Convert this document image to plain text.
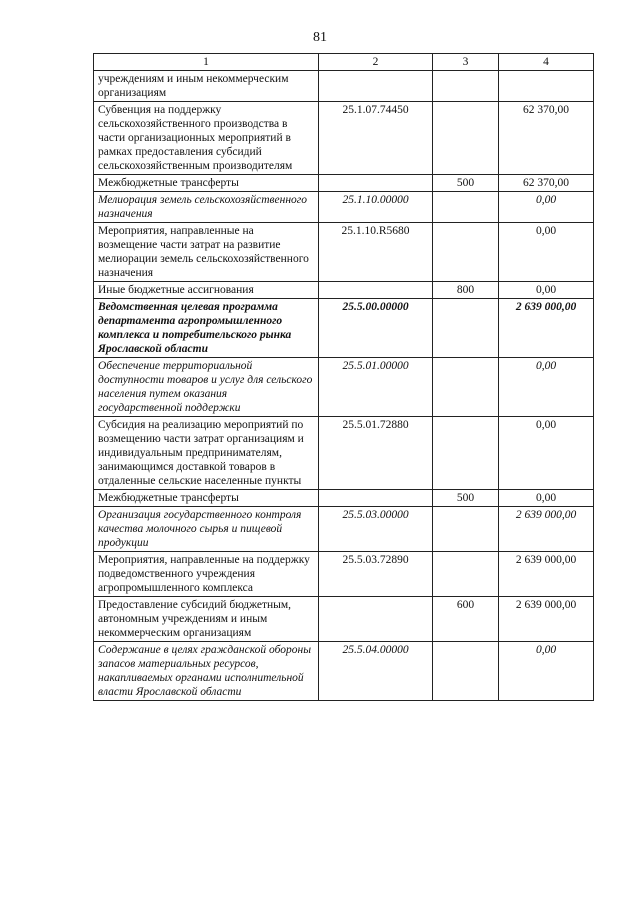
81
1	2	3	4
учреждениям и иным некоммерческим организациям			
Субвенция на поддержку сельскохозяйственного производства в части организационных мероприятий в рамках предоставления субсидий сельскохозяйственным производителям	25.1.07.74450		62 370,00
Межбюджетные трансферты		500	62 370,00
Мелиорация земель сельскохозяйственного назначения	25.1.10.00000		0,00
Мероприятия, направленные на возмещение части затрат на развитие мелиорации земель сельскохозяйственного назначения	25.1.10.R5680		0,00
Иные бюджетные ассигнования		800	0,00
Ведомственная целевая программа департамента агропромышленного комплекса и потребительского рынка Ярославской области	25.5.00.00000		2 639 000,00
Обеспечение территориальной доступности товаров и услуг для сельского населения путем оказания государственной поддержки	25.5.01.00000		0,00
Субсидия на реализацию мероприятий по возмещению части затрат организациям и индивидуальным предпринимателям, занимающимся доставкой товаров в отдаленные сельские населенные пункты	25.5.01.72880		0,00
Межбюджетные трансферты		500	0,00
Организация государственного контроля качества молочного сырья и пищевой продукции	25.5.03.00000		2 639 000,00
Мероприятия, направленные на поддержку подведомственного учреждения агропромышленного комплекса	25.5.03.72890		2 639 000,00
Предоставление субсидий бюджетным, автономным учреждениям и иным некоммерческим организациям		600	2 639 000,00
Содержание в целях гражданской обороны запасов материальных ресурсов, накапливаемых органами исполнительной власти Ярославской области	25.5.04.00000		0,00
